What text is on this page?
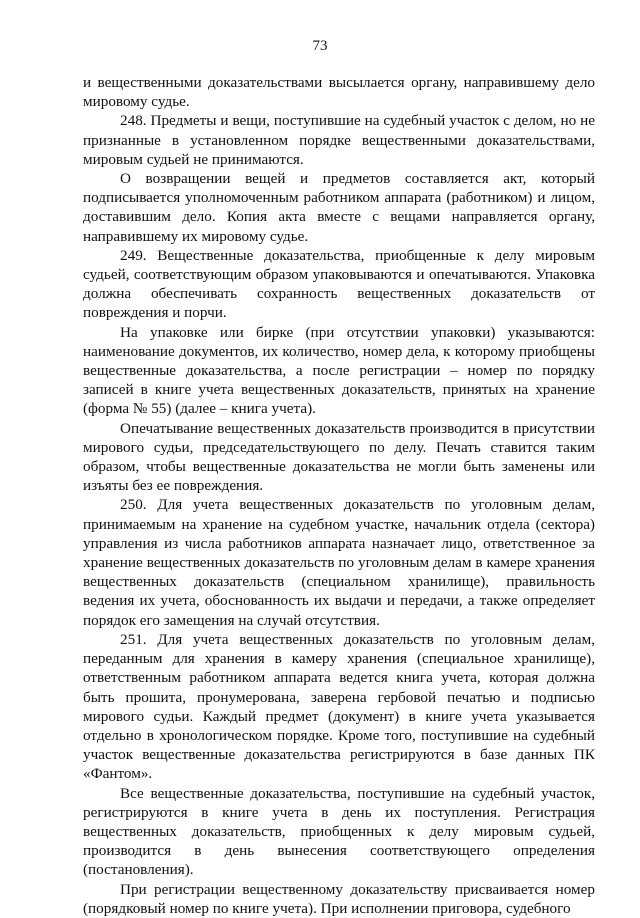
73

и вещественными доказательствами высылается органу, направившему дело мировому судье.

248. Предметы и вещи, поступившие на судебный участок с делом, но не признанные в установленном порядке вещественными доказательствами, мировым судьей не принимаются.

О возвращении вещей и предметов составляется акт, который подписывается уполномоченным работником аппарата (работником) и лицом, доставившим дело. Копия акта вместе с вещами направляется органу, направившему их мировому судье.

249. Вещественные доказательства, приобщенные к делу мировым судьей, соответствующим образом упаковываются и опечатываются. Упаковка должна обеспечивать сохранность вещественных доказательств от повреждения и порчи.

На упаковке или бирке (при отсутствии упаковки) указываются: наименование документов, их количество, номер дела, к которому приобщены вещественные доказательства, а после регистрации – номер по порядку записей в книге учета вещественных доказательств, принятых на хранение (форма № 55) (далее – книга учета).

Опечатывание вещественных доказательств производится в присутствии мирового судьи, председательствующего по делу. Печать ставится таким образом, чтобы вещественные доказательства не могли быть заменены или изъяты без ее повреждения.

250. Для учета вещественных доказательств по уголовным делам, принимаемым на хранение на судебном участке, начальник отдела (сектора) управления из числа работников аппарата назначает лицо, ответственное за хранение вещественных доказательств по уголовным делам в камере хранения вещественных доказательств (специальном хранилище), правильность ведения их учета, обоснованность их выдачи и передачи, а также определяет порядок его замещения на случай отсутствия.

251. Для учета вещественных доказательств по уголовным делам, переданным для хранения в камеру хранения (специальное хранилище), ответственным работником аппарата ведется книга учета, которая должна быть прошита, пронумерована, заверена гербовой печатью и подписью мирового судьи. Каждый предмет (документ) в книге учета указывается отдельно в хронологическом порядке. Кроме того, поступившие на судебный участок вещественные доказательства регистрируются в базе данных ПК «Фантом».

Все вещественные доказательства, поступившие на судебный участок, регистрируются в книге учета в день их поступления. Регистрация вещественных доказательств, приобщенных к делу мировым судьей, производится в день вынесения соответствующего определения (постановления).

При регистрации вещественному доказательству присваивается номер (порядковый номер по книге учета). При исполнении приговора, судебного
